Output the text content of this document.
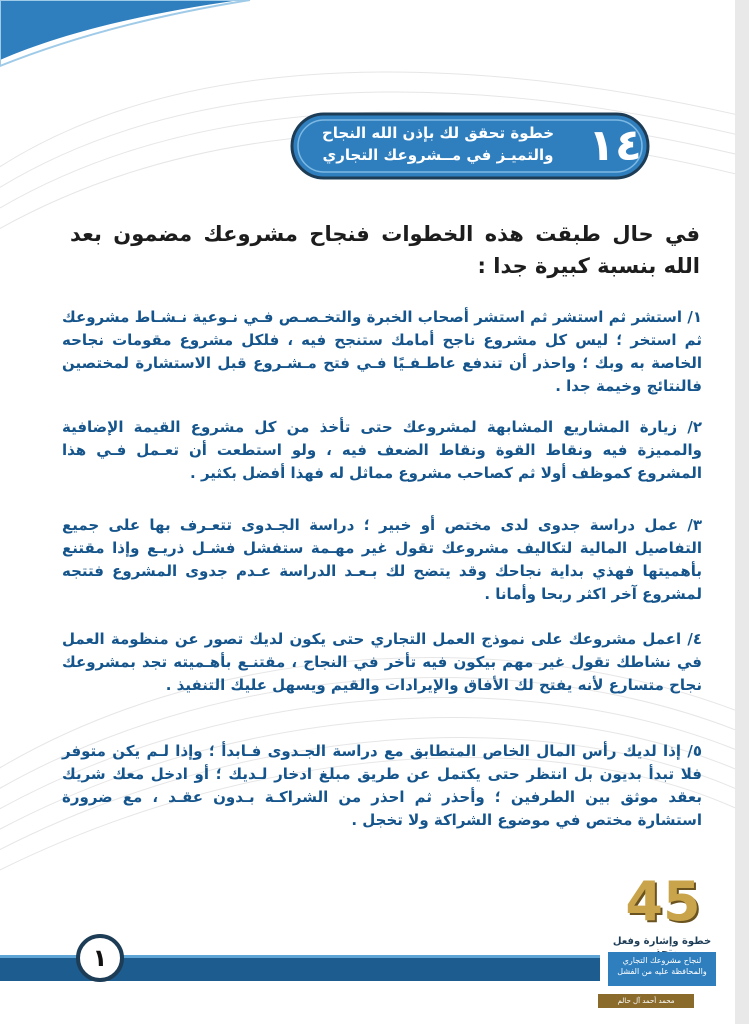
١٤
خطوة تحقق لك بإذن الله النجاح
والتميـز في مــشروعك التجاري
في حال طبقت هذه الخطوات فنجاح مشروعك مضمون بعد الله بنسبة كبيرة جدا :
١/ استشر ثم استشر ثم استشر أصحاب الخبرة والتخـصـص فـي نـوعية نـشـاط مشروعك ثم استخر ؛ ليس كل مشروع ناجح أمامك ستنجح فيه ، فلكل مشروع مقومات نجاحه الخاصة به وبك ؛ واحذر أن تندفع عاطـفـيًا فـي فتح مـشـروع قبل الاستشارة لمختصين فالنتائج وخيمة جدا .
٢/ زيارة المشاريع المشابهة لمشروعك حتى تأخذ من كل مشروع القيمة الإضافية والمميزة فيه ونقاط القوة ونقاط الضعف فيه ، ولو استطعت أن تعـمل فـي هذا المشروع كموظف أولا ثم كصاحب مشروع مماثل له فهذا أفضل بكثير .
٣/ عمل دراسة جدوى لدى مختص أو خبير ؛ دراسة الجـدوى تتعـرف بها على جميع التفاصيل المالية لتكاليف مشروعك تقول غير مهـمة ستفشل فشـل ذريـع وإذا مقتنع بأهميتها فهذي بداية نجاحك وقد يتضح لك بـعـد الدراسة عـدم جدوى المشروع فتتجه لمشروع آخر اكثر ربحا وأمانا .
٤/ اعمل مشروعك على نموذج العمل التجاري حتى يكون لديك تصور عن منظومة العمل في نشاطك تقول غير مهم بيكون فيه تأخر في النجاح ، مقتنـع بأهـميته تجد بمشروعك نجاح متسارع لأنه يفتح لك الأفاق والإيرادات والقيم ويسهل عليك التنفيذ .
٥/ إذا لديك رأس المال الخاص المتطابق مع دراسة الجـدوى فـابدأ ؛ وإذا لـم يكن متوفر فلا تبدأ بديون بل انتظر حتى يكتمل عن طريق مبلغ ادخار لـديك ؛ أو ادخل معك شريك بعقد موثق بين الطرفين ؛ وأحذر ثم احذر من الشراكـة بـدون عقـد ، مع ضرورة استشارة مختص في موضوع الشراكة ولا تخجل .
١
45
خطوة وإشارة وفعل
لنجاح مشروعك التجاري والمحافظة عليه من الفشل
محمد أحمد آل حالم
